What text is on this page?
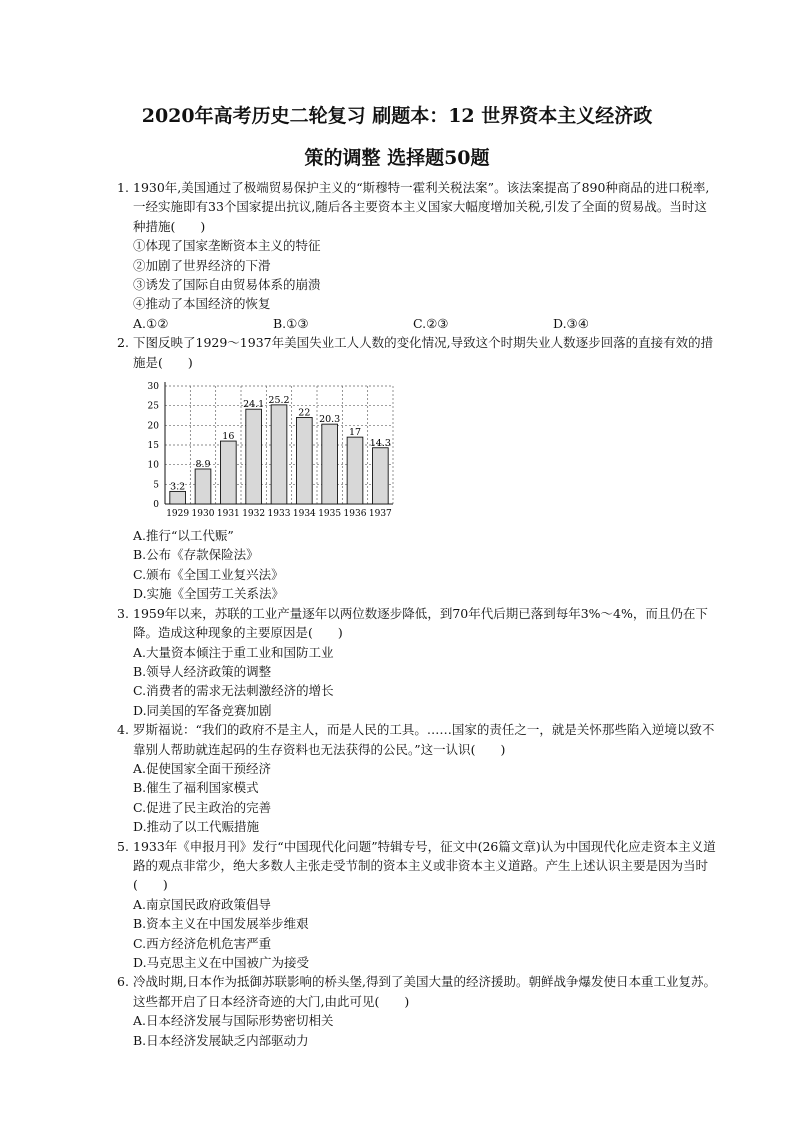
2020年高考历史二轮复习 刷题本：12 世界资本主义经济政
策的调整 选择题50题
1. 1930年,美国通过了极端贸易保护主义的“斯穆特一霍利关税法案”。该法案提高了890种商品的进口税率,一经实施即有33个国家提出抗议,随后各主要资本主义国家大幅度增加关税,引发了全面的贸易战。当时这种措施(　　)
①体现了国家垄断资本主义的特征
②加剧了世界经济的下滑
③诱发了国际自由贸易体系的崩溃
④推动了本国经济的恢复
A.①②	B.①③	C.②③	D.③④
2. 下图反映了1929～1937年美国失业工人人数的变化情况,导致这个时期失业人数逐步回落的直接有效的措施是(　　)
0
5
10
15
20
25
30
3.2
1929
8.9
1930
16
1931
24.1
1932
25.2
1933
22
1934
20.3
1935
17
1936
14.3
1937
A.推行“以工代赈”
B.公布《存款保险法》
C.颁布《全国工业复兴法》
D.实施《全国劳工关系法》
3. 1959年以来，苏联的工业产量逐年以两位数逐步降低，到70年代后期已落到每年3%～4%，而且仍在下降。造成这种现象的主要原因是(　　)
A.大量资本倾注于重工业和国防工业
B.领导人经济政策的调整
C.消费者的需求无法刺激经济的增长
D.同美国的军备竞赛加剧
4. 罗斯福说：“我们的政府不是主人，而是人民的工具。……国家的责任之一，就是关怀那些陷入逆境以致不靠别人帮助就连起码的生存资料也无法获得的公民。”这一认识(　　)
A.促使国家全面干预经济
B.催生了福利国家模式
C.促进了民主政治的完善
D.推动了以工代赈措施
5. 1933年《申报月刊》发行“中国现代化问题”特辑专号，征文中(26篇文章)认为中国现代化应走资本主义道路的观点非常少，绝大多数人主张走受节制的资本主义或非资本主义道路。产生上述认识主要是因为当时(　　)
A.南京国民政府政策倡导
B.资本主义在中国发展举步维艰
C.西方经济危机危害严重
D.马克思主义在中国被广为接受
6. 冷战时期,日本作为抵御苏联影响的桥头堡,得到了美国大量的经济援助。朝鲜战争爆发使日本重工业复苏。这些都开启了日本经济奇迹的大门,由此可见(　　)
A.日本经济发展与国际形势密切相关
B.日本经济发展缺乏内部驱动力
